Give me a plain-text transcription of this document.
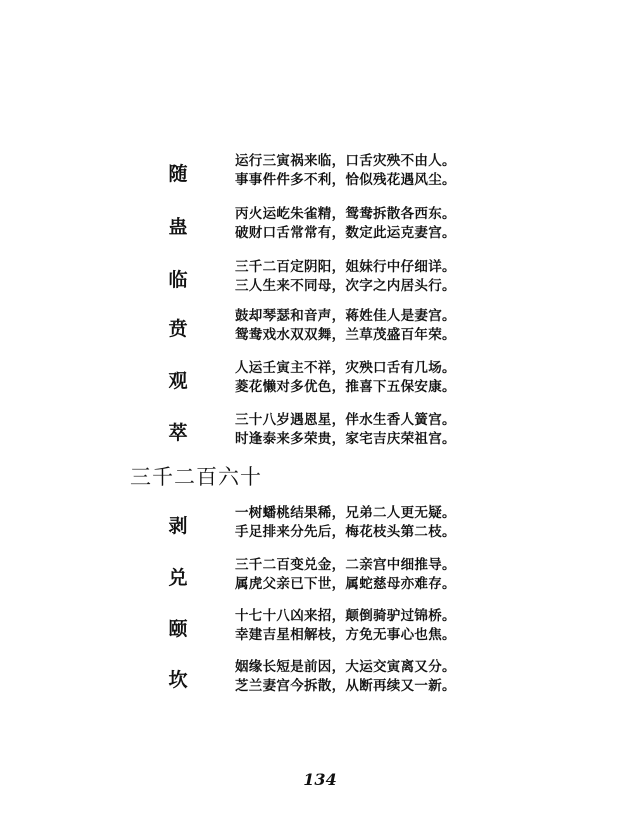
随
运行三寅祸来临，口舌灾殃不由人。
事事件件多不利，恰似残花遇风尘。
蛊
丙火运屹朱雀精，鸳鸯拆散各西东。
破财口舌常常有，数定此运克妻宫。
临
三千二百定阴阳，姐妹行中仔细详。
三人生来不同母，次字之内居头行。
贲
鼓却琴瑟和音声，蒋姓佳人是妻宫。
鸳鸯戏水双双舞，兰草茂盛百年荣。
观
人运壬寅主不祥，灾殃口舌有几场。
菱花懒对多优色，推喜下五保安康。
萃
三十八岁遇恩星，伴水生香人簧宫。
时逢泰来多荣贵，家宅吉庆荣祖宫。
三千二百六十
剥
一树蟠桃结果稀，兄弟二人更无疑。
手足排来分先后，梅花枝头第二枝。
兑
三千二百变兑金，二亲宫中细推导。
属虎父亲已下世，属蛇慈母亦难存。
颐
十七十八凶来招，颠倒骑驴过锦桥。
幸建吉星相解枝，方免无事心也焦。
坎
姻缘长短是前因，大运交寅离又分。
芝兰妻宫今拆散，从断再续又一新。
134
